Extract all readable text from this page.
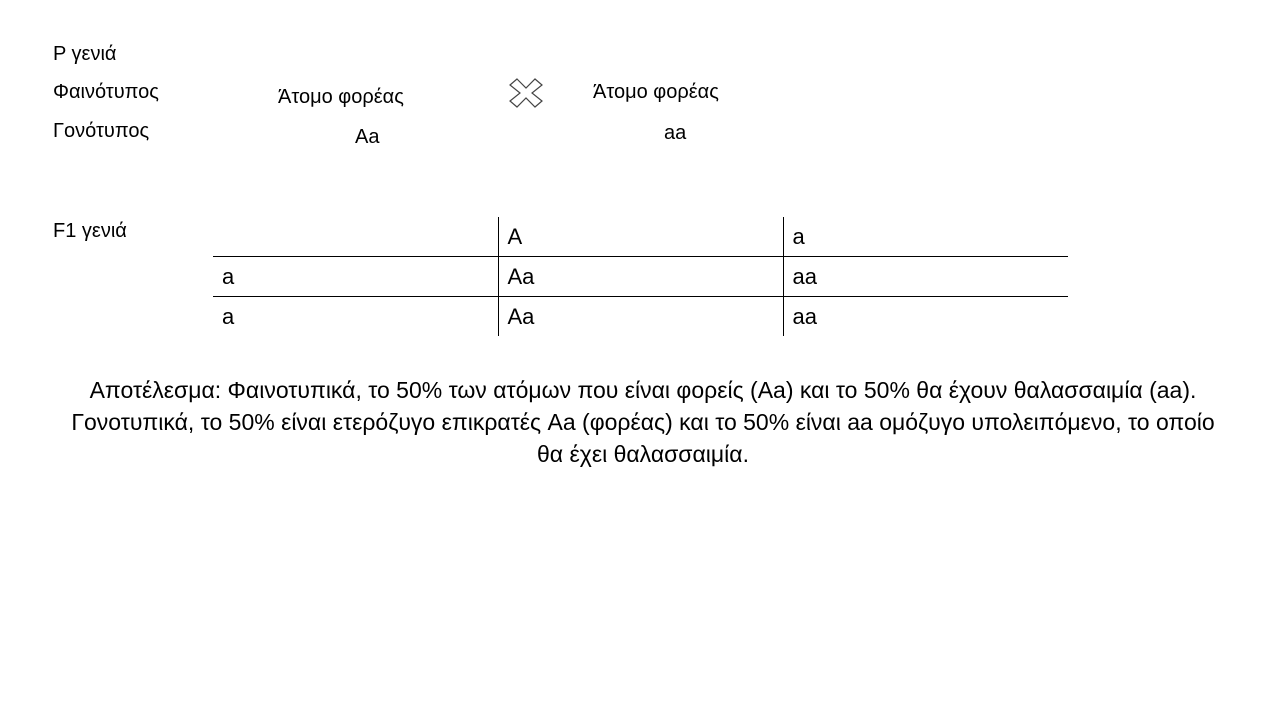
P γενιά
Φαινότυπος
Γονότυπος
Άτομο φορέας
Aa
Άτομο φορέας
aa
F1 γενιά
		A	a
a	Aa	aa
a	Aa	aa

Αποτέλεσμα: Φαινοτυπικά, το 50% των ατόμων που είναι φορείς (Aa) και το 50% θα έχουν θαλασσαιμία (aa).

Γονοτυπικά, το 50% είναι ετερόζυγο επικρατές Aa (φορέας) και το 50% είναι aa ομόζυγο υπολειπόμενο, το οποίο θα έχει θαλασσαιμία.
